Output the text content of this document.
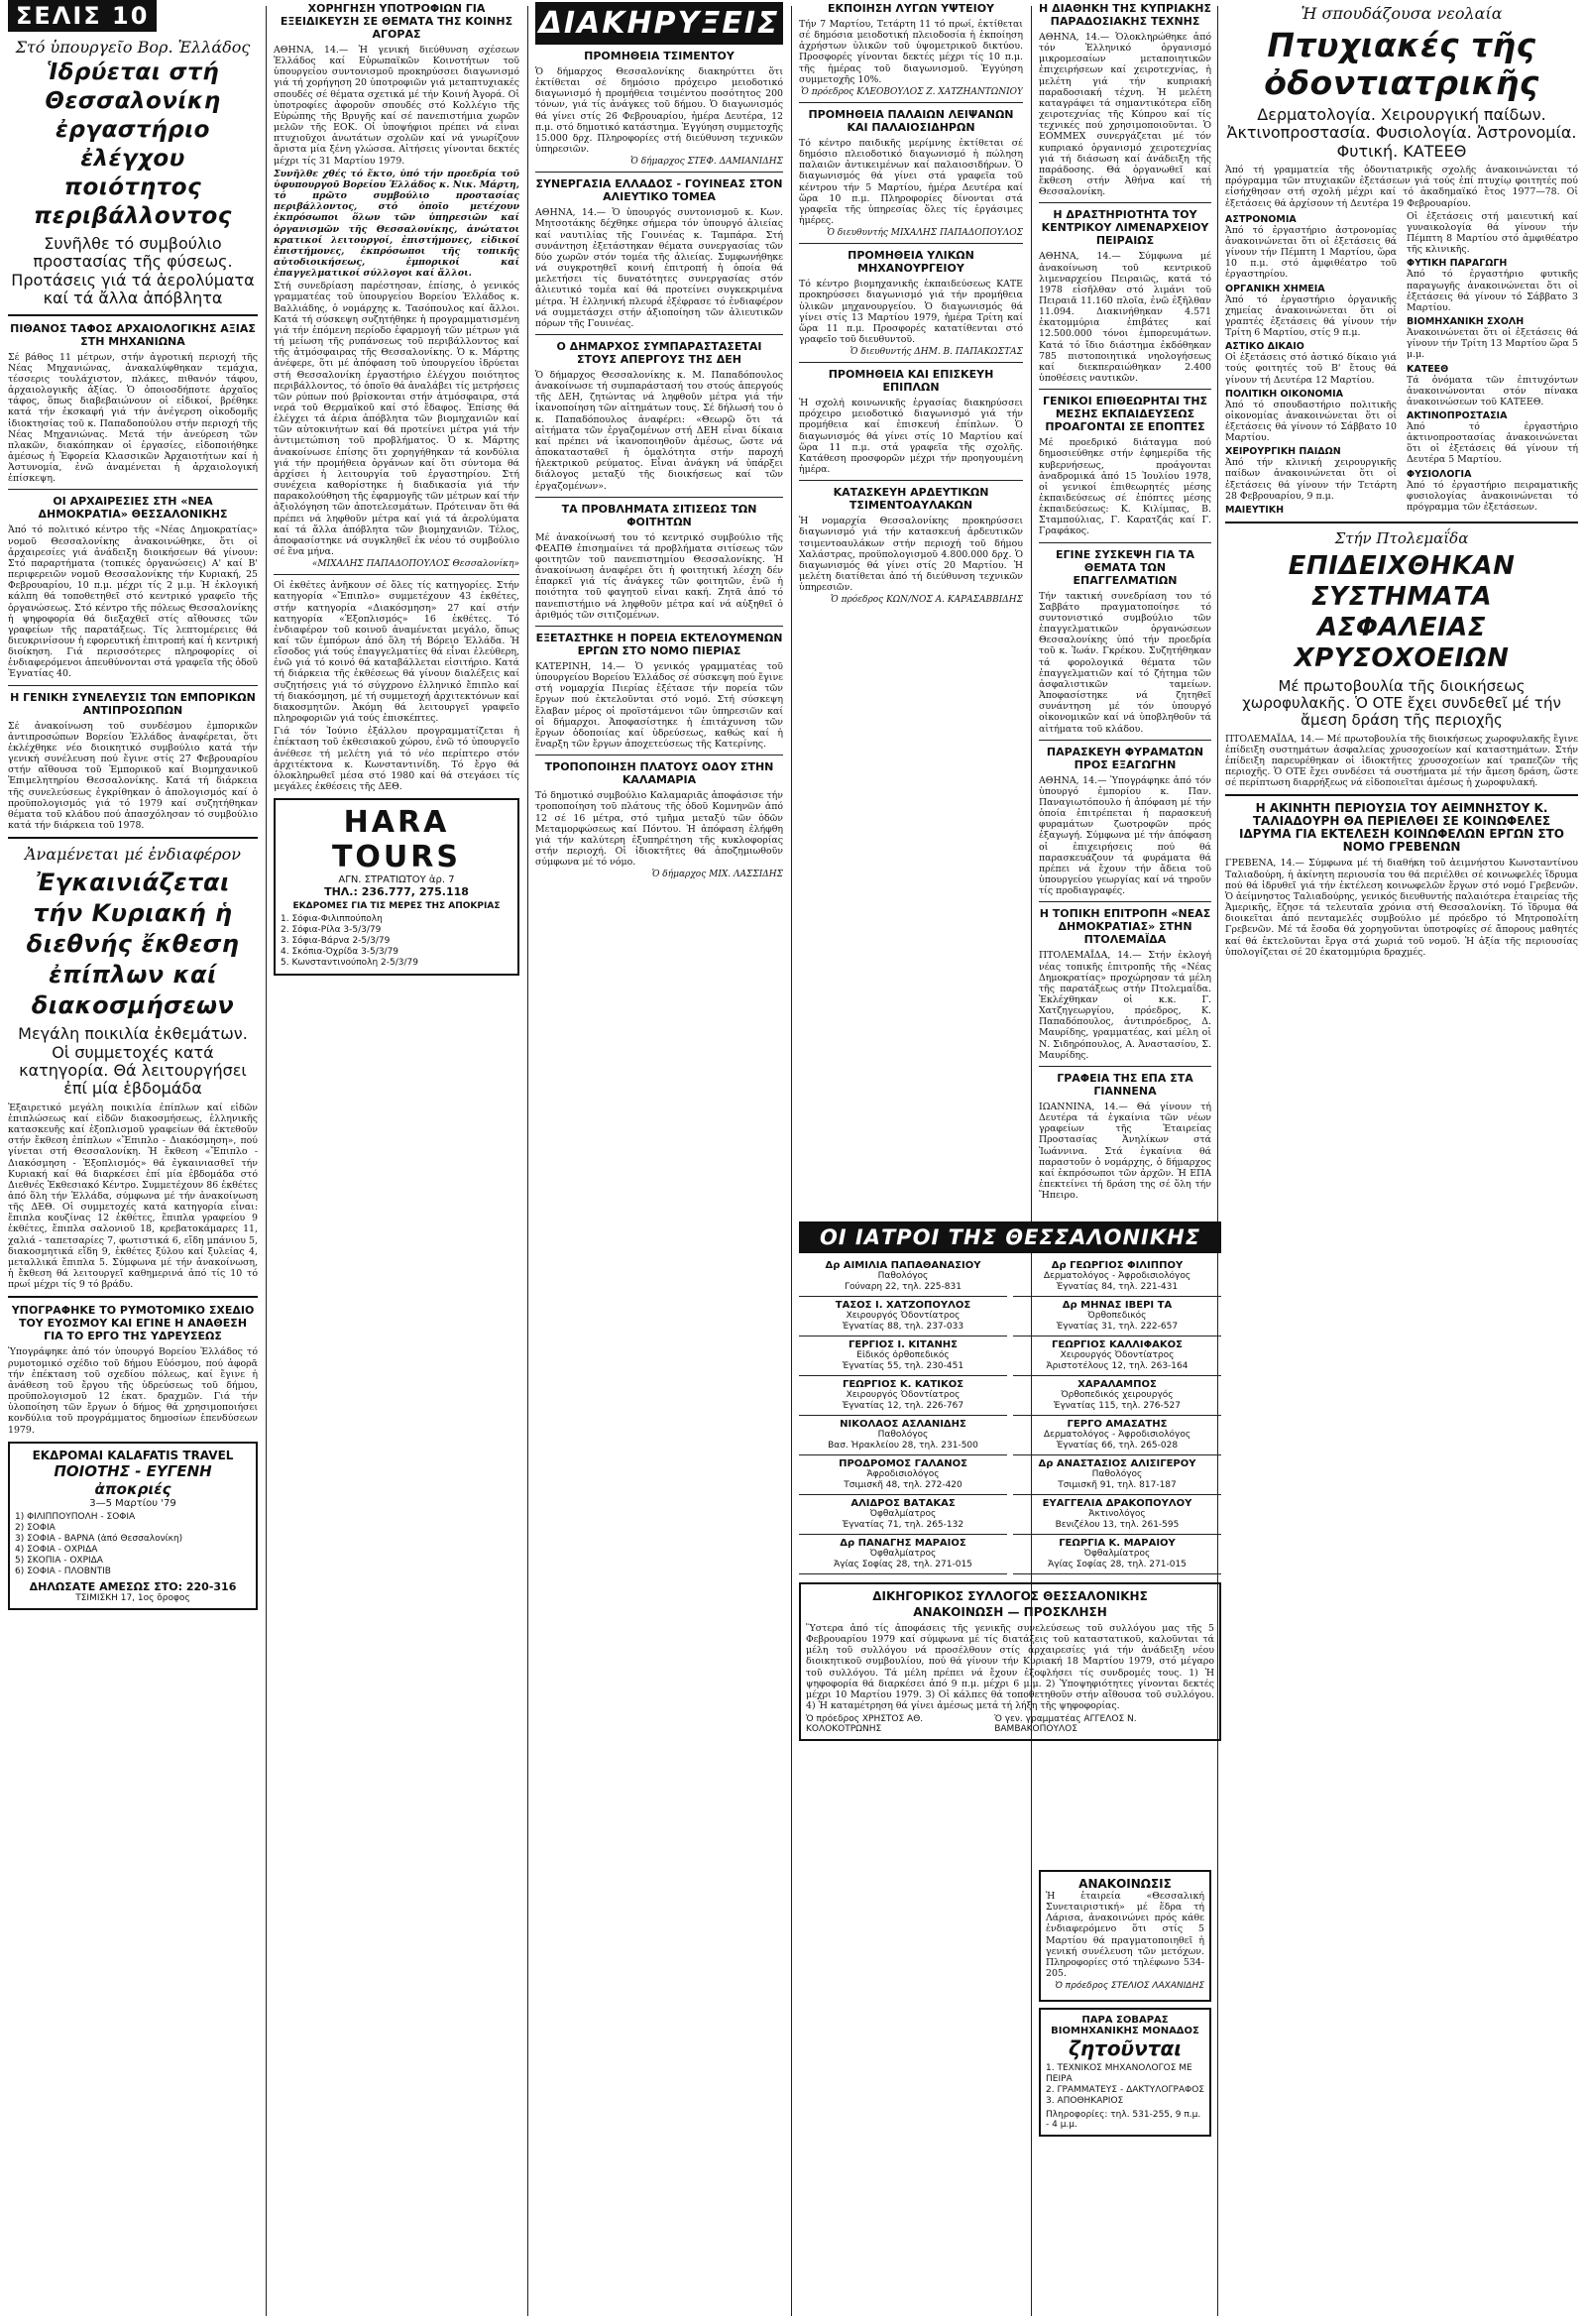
ΣΕΛΙΣ 10
Στό ὑπουργεῖο Βορ. Ἑλλάδος
Ἱδρύεται στή Θεσσαλονίκη ἐργαστήριο ἐλέγχου ποιότητος περιβάλλοντος
Συνῆλθε τό συμβούλιο προστασίας τῆς φύσεως. Προτάσεις γιά τά ἀερολύματα καί τά ἄλλα ἀπόβλητα
ΠΙΘΑΝΟΣ ΤΑΦΟΣ ΑΡΧΑΙΟΛΟΓΙΚΗΣ ΑΞΙΑΣ ΣΤΗ ΜΗΧΑΝΙΩΝΑ
Σέ βάθος 11 μέτρων, στήν ἀγροτική περιοχή τῆς Νέας Μηχανιώνας, ἀνακαλύφθηκαν τεμάχια, τέσσερις τουλάχιστον, πλάκες, πιθανόν τάφου, ἀρχαιολογικῆς ἀξίας. Ὁ ὁποιοσδήποτε ἀρχαῖος τάφος, ὅπως διαβεβαιώνουν οἱ εἰδικοί, βρέθηκε κατά τήν ἐκσκαφή γιά τήν ἀνέγερση οἰκοδομῆς ἰδιοκτησίας τοῦ κ. Παπαδοπούλου στήν περιοχή τῆς Νέας Μηχανιώνας. Μετά τήν ἀνεύρεση τῶν πλακῶν, διακόπηκαν οἱ ἐργασίες, εἰδοποιήθηκε ἀμέσως ἡ Ἐφορεία Κλασσικῶν Ἀρχαιοτήτων καί ἡ Ἀστυνομία, ἐνῶ ἀναμένεται ἡ ἀρχαιολογική ἐπίσκεψη.
ΟΙ ΑΡΧΑΙΡΕΣΙΕΣ ΣΤΗ «ΝΕΑ ΔΗΜΟΚΡΑΤΙΑ» ΘΕΣΣΑΛΟΝΙΚΗΣ
Ἀπό τό πολιτικό κέντρο τῆς «Νέας Δημοκρατίας» νομοῦ Θεσσαλονίκης ἀνακοινώθηκε, ὅτι οἱ ἀρχαιρεσίες γιά ἀνάδειξη διοικήσεων θά γίνουν: Στό παραρτήματα (τοπικές ὀργανώσεις) Α' καί Β' περιφερειῶν νομοῦ Θεσσαλονίκης τήν Κυριακή, 25 Φεβρουαρίου, 10 π.μ. μέχρι τίς 2 μ.μ. Ἡ ἐκλογική κάλπη θά τοποθετηθεῖ στό κεντρικό γραφεῖο τῆς ὀργανώσεως. Στό κέντρο τῆς πόλεως Θεσσαλονίκης ἡ ψηφοφορία θά διεξαχθεῖ στίς αἴθουσες τῶν γραφείων τῆς παρατάξεως. Τίς λεπτομέρειες θά διευκρινίσουν ἡ εφορευτική ἐπιτροπή καί ἡ κεντρική διοίκηση. Γιά περισσότερες πληροφορίες οἱ ἐνδιαφερόμενοι ἀπευθύνονται στά γραφεῖα τῆς ὀδοῦ Ἐγνατίας 40.
Η ΓΕΝΙΚΗ ΣΥΝΕΛΕΥΣΙΣ ΤΩΝ ΕΜΠΟΡΙΚΩΝ ΑΝΤΙΠΡΟΣΩΠΩΝ
Σέ ἀνακοίνωση τοῦ συνδέσμου ἐμπορικῶν ἀντιπροσώπων Βορείου Ἑλλάδος ἀναφέρεται, ὅτι ἐκλέχθηκε νέο διοικητικό συμβούλιο κατά τήν γενική συνέλευση πού ἔγινε στίς 27 Φεβρουαρίου στήν αἴθουσα τοῦ Ἐμπορικοῦ καί Βιομηχανικοῦ Ἐπιμελητηρίου Θεσσαλονίκης. Κατά τή διάρκεια τῆς συνελεύσεως ἐγκρίθηκαν ὁ ἀπολογισμός καί ὁ προϋπολογισμός γιά τό 1979 καί συζητήθηκαν θέματα τοῦ κλάδου πού ἀπασχόλησαν τό συμβούλιο κατά τήν διάρκεια τοῦ 1978.
Ἀναμένεται μέ ἐνδιαφέρον
Ἐγκαινιάζεται τήν Κυριακή ἡ διεθνής ἔκθεση ἐπίπλων καί διακοσμήσεων
Μεγάλη ποικιλία ἐκθεμάτων. Οἱ συμμετοχές κατά κατηγορία. Θά λειτουργήσει ἐπί μία ἑβδομάδα
Ἐξαιρετικό μεγάλη ποικιλία ἐπίπλων καί εἰδῶν ἐπιπλώσεως καί εἰδῶν διακοσμήσεως, ἑλληνικῆς κατασκευῆς καί ἐξοπλισμοῦ γραφείων θά ἐκτεθοῦν στήν ἔκθεση ἐπίπλων «Ἔπιπλο - Διακόσμηση», πού γίνεται στή Θεσσαλονίκη. Ἡ ἔκθεση «Ἔπιπλο - Διακόσμηση - Ἐξοπλισμός» θά ἐγκαινιασθεῖ τήν Κυριακή καί θά διαρκέσει ἐπί μία ἑβδομάδα στό Διεθνές Ἐκθεσιακό Κέντρο. Συμμετέχουν 86 ἐκθέτες ἀπό ὅλη τήν Ἑλλάδα, σύμφωνα μέ τήν ἀνακοίνωση τῆς ΔΕΘ. Οἱ συμμετοχές κατά κατηγορία εἶναι: ἔπιπλα κουζίνας 12 ἐκθέτες, ἔπιπλα γραφείου 9 ἐκθέτες, ἔπιπλα σαλονιοῦ 18, κρεβατοκάμαρες 11, χαλιά - ταπετσαρίες 7, φωτιστικά 6, εἴδη μπάνιου 5, διακοσμητικά εἴδη 9, ἐκθέτες ξύλου καί ξυλείας 4, μεταλλικά ἔπιπλα 5. Σύμφωνα μέ τήν ἀνακοίνωση, ἡ ἔκθεση θά λειτουργεῖ καθημερινά ἀπό τίς 10 τό πρωί μέχρι τίς 9 τό βράδυ.
ΥΠΟΓΡΑΦΗΚΕ ΤΟ ΡΥΜΟΤΟΜΙΚΟ ΣΧΕΔΙΟ ΤΟΥ ΕΥΟΣΜΟΥ ΚΑΙ ΕΓΙΝΕ Η ΑΝΑΘΕΣΗ ΓΙΑ ΤΟ ΕΡΓΟ ΤΗΣ ΥΔΡΕΥΣΕΩΣ
Ὑπογράφηκε ἀπό τόν ὑπουργό Βορείου Ἑλλάδος τό ρυμοτομικό σχέδιο τοῦ δήμου Εὐόσμου, πού ἀφορᾶ τήν ἐπέκταση τοῦ σχεδίου πόλεως, καί ἔγινε ἡ ἀνάθεση τοῦ ἔργου τῆς ὑδρεύσεως τοῦ δήμου, προϋπολογισμοῦ 12 ἑκατ. δραχμῶν. Γιά τήν ὑλοποίηση τῶν ἔργων ὁ δήμος θά χρησιμοποιήσει κονδύλια τοῦ προγράμματος δημοσίων ἐπενδύσεων 1979.
ΕΚΔΡΟΜΑΙ KALAFATIS TRAVEL
ΠΟΙΟΤΗΣ - ΕΥΓΕΝΗ ἀποκριές
3—5 Μαρτίου '79
1) ΦΙΛΙΠΠΟΥΠΟΛΗ - ΣΟΦΙΑ
2) ΣΟΦΙΑ
3) ΣΟΦΙΑ - ΒΑΡΝΑ (ἀπό Θεσσαλονίκη)
4) ΣΟΦΙΑ - ΟΧΡΙΔΑ
5) ΣΚΟΠΙΑ - ΟΧΡΙΔΑ
6) ΣΟΦΙΑ - ΠΛΟΒΝΤΙΒ
ΔΗΛΩΣΑΤΕ ΑΜΕΣΩΣ ΣΤΟ: 220-316
ΤΣΙΜΙΣΚΗ 17, 1ος ὄροφος
ΧΟΡΗΓΗΣΗ ΥΠΟΤΡΟΦΙΩΝ ΓΙΑ ΕΞΕΙΔΙΚΕΥΣΗ ΣΕ ΘΕΜΑΤΑ ΤΗΣ ΚΟΙΝΗΣ ΑΓΟΡΑΣ
ΑΘΗΝΑ, 14.— Ἡ γενική διεύθυνση σχέσεων Ἑλλάδος καί Εὐρωπαϊκῶν Κοινοτήτων τοῦ ὑπουργείου συντονισμοῦ προκηρύσσει διαγωνισμό γιά τή χορήγηση 20 ὑποτροφιῶν γιά μεταπτυχιακές σπουδές σέ θέματα σχετικά μέ τήν Κοινή Ἀγορά. Οἱ ὑποτροφίες ἀφοροῦν σπουδές στό Κολλέγιο τῆς Εὐρώπης τῆς Βρυγῆς καί σέ πανεπιστήμια χωρῶν μελῶν τῆς ΕΟΚ. Οἱ ὑποψήφιοι πρέπει νά εἶναι πτυχιοῦχοι ἀνωτάτων σχολῶν καί νά γνωρίζουν ἄριστα μία ξένη γλώσσα. Αἰτήσεις γίνονται δεκτές μέχρι τίς 31 Μαρτίου 1979.
Συνῆλθε χθές τό ἔκτο, ὑπό τήν προεδρία τοῦ ὑφυπουργοῦ Βορείου Ἑλλάδος κ. Νικ. Μάρτη, τό πρῶτο συμβούλιο προστασίας περιβάλλοντος, στό ὁποῖο μετέχουν ἐκπρόσωποι ὅλων τῶν ὑπηρεσιῶν καί ὀργανισμῶν τῆς Θεσσαλονίκης, ἀνώτατοι κρατικοί λειτουργοί, ἐπιστήμονες, εἰδικοί ἐπιστήμονες, ἐκπρόσωποι τῆς τοπικῆς αὐτοδιοικήσεως, ἐμπορικοί καί ἐπαγγελματικοί σύλλογοι καί ἄλλοι.
Στή συνεδρίαση παρέστησαν, ἐπίσης, ὁ γενικός γραμματέας τοῦ ὑπουργείου Βορείου Ἑλλάδος κ. Βαλλιάδης, ὁ νομάρχης κ. Τασόπουλος καί ἄλλοι. Κατά τή σύσκεψη συζητήθηκε ἡ προγραμματισμένη γιά τήν ἐπόμενη περίοδο ἐφαρμογή τῶν μέτρων γιά τή μείωση τῆς ρυπάνσεως τοῦ περιβάλλοντος καί τῆς ἀτμόσφαιρας τῆς Θεσσαλονίκης. Ὁ κ. Μάρτης ἀνέφερε, ὅτι μέ ἀπόφαση τοῦ ὑπουργείου ἱδρύεται στή Θεσσαλονίκη ἐργαστήριο ἐλέγχου ποιότητος περιβάλλοντος, τό ὁποῖο θά ἀναλάβει τίς μετρήσεις τῶν ρύπων πού βρίσκονται στήν ἀτμόσφαιρα, στά νερά τοῦ Θερμαϊκοῦ καί στό ἔδαφος. Ἐπίσης θά ἐλέγχει τά ἀέρια ἀπόβλητα τῶν βιομηχανιῶν καί τῶν αὐτοκινήτων καί θά προτείνει μέτρα γιά τήν ἀντιμετώπιση τοῦ προβλήματος. Ὁ κ. Μάρτης ἀνακοίνωσε ἐπίσης ὅτι χορηγήθηκαν τά κονδύλια γιά τήν προμήθεια ὀργάνων καί ὅτι σύντομα θά ἀρχίσει ἡ λειτουργία τοῦ ἐργαστηρίου. Στή συνέχεια καθορίστηκε ἡ διαδικασία γιά τήν παρακολούθηση τῆς ἐφαρμογῆς τῶν μέτρων καί τήν ἀξιολόγηση τῶν ἀποτελεσμάτων. Πρότειναν ὅτι θά πρέπει νά ληφθοῦν μέτρα καί γιά τά ἀερολύματα καί τά ἄλλα ἀπόβλητα τῶν βιομηχανιῶν. Τέλος, ἀποφασίστηκε νά συγκληθεῖ ἐκ νέου τό συμβούλιο σέ ἕνα μήνα.
«ΜΙΧΑΛΗΣ ΠΑΠΑΔΟΠΟΥΛΟΣ Θεσσαλονίκη»
Οἱ ἐκθέτες ἀνῆκουν σέ ὅλες τίς κατηγορίες. Στήν κατηγορία «Ἔπιπλο» συμμετέχουν 43 ἐκθέτες, στήν κατηγορία «Διακόσμηση» 27 καί στήν κατηγορία «Ἐξοπλισμός» 16 ἐκθέτες. Τό ἐνδιαφέρον τοῦ κοινοῦ ἀναμένεται μεγάλο, ὅπως καί τῶν ἐμπόρων ἀπό ὅλη τή Βόρειο Ἑλλάδα. Ἡ εἴσοδος γιά τούς ἐπαγγελματίες θά εἶναι ἐλεύθερη, ἐνῶ γιά τό κοινό θά καταβάλλεται εἰσιτήριο. Κατά τή διάρκεια τῆς ἐκθέσεως θά γίνουν διαλέξεις καί συζητήσεις γιά τό σύγχρονο ἑλληνικό ἔπιπλο καί τή διακόσμηση, μέ τή συμμετοχή ἀρχιτεκτόνων καί διακοσμητῶν. Ἀκόμη θά λειτουργεῖ γραφεῖο πληροφοριῶν γιά τούς ἐπισκέπτες.
Γιά τόν Ἰούνιο ἐξάλλου προγραμματίζεται ἡ ἐπέκταση τοῦ ἐκθεσιακοῦ χώρου, ἐνῶ τό ὑπουργεῖο ἀνέθεσε τή μελέτη γιά τό νέο περίπτερο στόν ἀρχιτέκτονα κ. Κωνσταντινίδη. Τό ἔργο θά ὁλοκληρωθεῖ μέσα στό 1980 καί θά στεγάσει τίς μεγάλες ἐκθέσεις τῆς ΔΕΘ.
HARA TOURS
ΑΓΝ. ΣΤΡΑΤΙΩΤΟΥ ἀρ. 7
ΤΗΛ.: 236.777, 275.118
ΕΚΔΡΟΜΕΣ ΓΙΑ ΤΙΣ ΜΕΡΕΣ ΤΗΣ ΑΠΟΚΡΙΑΣ
1. Σόφια-Φιλιππούπολη
2. Σόφια-Ρίλα 3-5/3/79
3. Σόφια-Βάρνα 2-5/3/79
4. Σκόπια-Ὀχρίδα 3-5/3/79
5. Κωνσταντινούπολη 2-5/3/79
ΔΙΑΚΗΡΥΞΕΙΣ
ΠΡΟΜΗΘΕΙΑ ΤΣΙΜΕΝΤΟΥ
Ὁ δήμαρχος Θεσσαλονίκης διακηρύττει ὅτι ἐκτίθεται σέ δημόσιο πρόχειρο μειοδοτικό διαγωνισμό ἡ προμήθεια τσιμέντου ποσότητος 200 τόνων, γιά τίς ἀνάγκες τοῦ δήμου. Ὁ διαγωνισμός θά γίνει στίς 26 Φεβρουαρίου, ἡμέρα Δευτέρα, 12 π.μ. στό δημοτικό κατάστημα. Ἐγγύηση συμμετοχῆς 15.000 δρχ. Πληροφορίες στή διεύθυνση τεχνικῶν ὑπηρεσιῶν.
Ὁ δήμαρχος ΣΤΕΦ. ΔΑΜΙΑΝΙΔΗΣ
ΣΥΝΕΡΓΑΣΙΑ ΕΛΛΑΔΟΣ - ΓΟΥΙΝΕΑΣ ΣΤΟΝ ΑΛΙΕΥΤΙΚΟ ΤΟΜΕΑ
ΑΘΗΝΑ, 14.— Ὁ ὑπουργός συντονισμοῦ κ. Κων. Μητσοτάκης δέχθηκε σήμερα τόν ὑπουργό ἀλιείας καί ναυτιλίας τῆς Γουινέας κ. Ταμπάρα. Στή συνάντηση ἐξετάστηκαν θέματα συνεργασίας τῶν δύο χωρῶν στόν τομέα τῆς ἀλιείας. Συμφωνήθηκε νά συγκροτηθεῖ κοινή ἐπιτροπή ἡ ὁποία θά μελετήσει τίς δυνατότητες συνεργασίας στόν ἀλιευτικό τομέα καί θά προτείνει συγκεκριμένα μέτρα. Ἡ ἑλληνική πλευρά ἐξέφρασε τό ἐνδιαφέρον νά συμμετάσχει στήν ἀξιοποίηση τῶν ἀλιευτικῶν πόρων τῆς Γουινέας.
Ο ΔΗΜΑΡΧΟΣ ΣΥΜΠΑΡΑΣΤΑΣΕΤΑΙ ΣΤΟΥΣ ΑΠΕΡΓΟΥΣ ΤΗΣ ΔΕΗ
Ὁ δήμαρχος Θεσσαλονίκης κ. Μ. Παπαδόπουλος ἀνακοίνωσε τή συμπαράστασή του στούς ἀπεργούς τῆς ΔΕΗ, ζητώντας νά ληφθοῦν μέτρα γιά τήν ἱκανοποίηση τῶν αἰτημάτων τους. Σέ δήλωσή του ὁ κ. Παπαδόπουλος ἀναφέρει: «Θεωρῶ ὅτι τά αἰτήματα τῶν ἐργαζομένων στή ΔΕΗ εἶναι δίκαια καί πρέπει νά ἱκανοποιηθοῦν ἀμέσως, ὥστε νά ἀποκατασταθεῖ ἡ ὁμαλότητα στήν παροχή ἠλεκτρικοῦ ρεύματος. Εἶναι ἀνάγκη νά ὑπάρξει διάλογος μεταξύ τῆς διοικήσεως καί τῶν ἐργαζομένων».
ΤΑ ΠΡΟΒΛΗΜΑΤΑ ΣΙΤΙΣΕΩΣ ΤΩΝ ΦΟΙΤΗΤΩΝ
Μέ ἀνακοίνωσή του τό κεντρικό συμβούλιο τῆς ΦΕΑΠΘ ἐπισημαίνει τά προβλήματα σιτίσεως τῶν φοιτητῶν τοῦ πανεπιστημίου Θεσσαλονίκης. Ἡ ἀνακοίνωση ἀναφέρει ὅτι ἡ φοιτητική λέσχη δέν ἐπαρκεῖ γιά τίς ἀνάγκες τῶν φοιτητῶν, ἐνῶ ἡ ποιότητα τοῦ φαγητοῦ εἶναι κακή. Ζητᾶ ἀπό τό πανεπιστήμιο νά ληφθοῦν μέτρα καί νά αὐξηθεῖ ὁ ἀριθμός τῶν σιτιζομένων.
ΕΞΕΤΑΣΤΗΚΕ Η ΠΟΡΕΙΑ ΕΚΤΕΛΟΥΜΕΝΩΝ ΕΡΓΩΝ ΣΤΟ ΝΟΜΟ ΠΙΕΡΙΑΣ
ΚΑΤΕΡΙΝΗ, 14.— Ὁ γενικός γραμματέας τοῦ ὑπουργείου Βορείου Ἑλλάδος σέ σύσκεψη πού ἔγινε στή νομαρχία Πιερίας ἐξέτασε τήν πορεία τῶν ἔργων πού ἐκτελοῦνται στό νομό. Στή σύσκεψη ἔλαβαν μέρος οἱ προϊστάμενοι τῶν ὑπηρεσιῶν καί οἱ δήμαρχοι. Ἀποφασίστηκε ἡ ἐπιτάχυνση τῶν ἔργων ὁδοποιίας καί ὑδρεύσεως, καθώς καί ἡ ἔναρξη τῶν ἔργων ἀποχετεύσεως τῆς Κατερίνης.
ΤΡΟΠΟΠΟΙΗΣΗ ΠΛΑΤΟΥΣ ΟΔΟΥ ΣΤΗΝ ΚΑΛΑΜΑΡΙΑ
Τό δημοτικό συμβούλιο Καλαμαριᾶς ἀποφάσισε τήν τροποποίηση τοῦ πλάτους τῆς ὁδοῦ Κομνηνῶν ἀπό 12 σέ 16 μέτρα, στό τμῆμα μεταξύ τῶν ὁδῶν Μεταμορφώσεως καί Πόντου. Ἡ ἀπόφαση ἐλήφθη γιά τήν καλύτερη ἐξυπηρέτηση τῆς κυκλοφορίας στήν περιοχή. Οἱ ἰδιοκτῆτες θά ἀποζημιωθοῦν σύμφωνα μέ τό νόμο.
Ὁ δήμαρχος ΜΙΧ. ΛΑΣΣΙΔΗΣ
ΕΚΠΟΙΗΣΗ ΛΥΓΩΝ ΥΨΤΕΙΟΥ
Τήν 7 Μαρτίου, Τετάρτη 11 τό πρωί, ἐκτίθεται σέ δημόσια μειοδοτική πλειοδοσία ἡ ἐκποίηση ἀχρήστων ὑλικῶν τοῦ ὑψομετρικοῦ δικτύου. Προσφορές γίνονται δεκτές μέχρι τίς 10 π.μ. τῆς ἡμέρας τοῦ διαγωνισμοῦ. Ἐγγύηση συμμετοχῆς 10%.
Ὁ πρόεδρος ΚΛΕΟΒΟΥΛΟΣ Ζ. ΧΑΤΖΗΑΝΤΩΝΙΟΥ
ΠΡΟΜΗΘΕΙΑ ΠΑΛΑΙΩΝ ΛΕΙΨΑΝΩΝ ΚΑΙ ΠΑΛΑΙΟΣΙΔΗΡΩΝ
Τό κέντρο παιδικῆς μερίμνης ἐκτίθεται σέ δημόσιο πλειοδοτικό διαγωνισμό ἡ πώληση παλαιῶν ἀντικειμένων καί παλαιοσιδήρων. Ὁ διαγωνισμός θά γίνει στά γραφεῖα τοῦ κέντρου τήν 5 Μαρτίου, ἡμέρα Δευτέρα καί ὥρα 10 π.μ. Πληροφορίες δίνονται στά γραφεῖα τῆς ὑπηρεσίας ὅλες τίς ἐργάσιμες ἡμέρες.
Ὁ διευθυντής ΜΙΧΑΛΗΣ ΠΑΠΑΔΟΠΟΥΛΟΣ
ΠΡΟΜΗΘΕΙΑ ΥΛΙΚΩΝ ΜΗΧΑΝΟΥΡΓΕΙΟΥ
Τό κέντρο βιομηχανικῆς ἐκπαιδεύσεως ΚΑΤΕ προκηρύσσει διαγωνισμό γιά τήν προμήθεια ὑλικῶν μηχανουργείου. Ὁ διαγωνισμός θά γίνει στίς 13 Μαρτίου 1979, ἡμέρα Τρίτη καί ὥρα 11 π.μ. Προσφορές κατατίθενται στό γραφεῖο τοῦ διευθυντοῦ.
Ὁ διευθυντής ΔΗΜ. Β. ΠΑΠΑΚΩΣΤΑΣ
ΠΡΟΜΗΘΕΙΑ ΚΑΙ ΕΠΙΣΚΕΥΗ ΕΠΙΠΛΩΝ
Ἡ σχολή κοινωνικῆς ἐργασίας διακηρύσσει πρόχειρο μειοδοτικό διαγωνισμό γιά τήν προμήθεια καί ἐπισκευή ἐπίπλων. Ὁ διαγωνισμός θά γίνει στίς 10 Μαρτίου καί ὥρα 11 π.μ. στά γραφεῖα τῆς σχολῆς. Κατάθεση προσφορῶν μέχρι τήν προηγουμένη ἡμέρα.
ΚΑΤΑΣΚΕΥΗ ΑΡΔΕΥΤΙΚΩΝ ΤΣΙΜΕΝΤΟΑΥΛΑΚΩΝ
Ἡ νομαρχία Θεσσαλονίκης προκηρύσσει διαγωνισμό γιά τήν κατασκευή ἀρδευτικῶν τσιμεντοαυλάκων στήν περιοχή τοῦ δήμου Χαλάστρας, προϋπολογισμοῦ 4.800.000 δρχ. Ὁ διαγωνισμός θά γίνει στίς 20 Μαρτίου. Ἡ μελέτη διατίθεται ἀπό τή διεύθυνση τεχνικῶν ὑπηρεσιῶν.
Ὁ πρόεδρος ΚΩΝ/ΝΟΣ Α. ΚΑΡΑΣΑΒΒΙΔΗΣ
ΟΙ ΙΑΤΡΟΙ ΤΗΣ ΘΕΣΣΑΛΟΝΙΚΗΣ
Δρ ΑΙΜΙΛΙΑ ΠΑΠΑΘΑΝΑΣΙΟΥ
Παθολόγος
Γούναρη 22, τηλ. 225-831
ΤΑΣΟΣ Ι. ΧΑΤΖΟΠΟΥΛΟΣ
Χειρουργός Ὀδοντίατρος
Ἐγνατίας 88, τηλ. 237-033
ΓΕΡΓΙΟΣ Ι. ΚΙΤΑΝΗΣ
Εἰδικός ὀρθοπεδικός
Ἐγνατίας 55, τηλ. 230-451
ΓΕΩΡΓΙΟΣ Κ. ΚΑΤΙΚΟΣ
Χειρουργός Ὀδοντίατρος
Ἐγνατίας 12, τηλ. 226-767
ΝΙΚΟΛΑΟΣ ΑΣΛΑΝΙΔΗΣ
Παθολόγος
Βασ. Ἡρακλείου 28, τηλ. 231-500
ΠΡΟΔΡΟΜΟΣ ΓΑΛΑΝΟΣ
Ἀφροδισιολόγος
Τσιμισκῆ 48, τηλ. 272-420
ΑΛΙΔΡΟΣ ΒΑΤΑΚΑΣ
Ὀφθαλμίατρος
Ἐγνατίας 71, τηλ. 265-132
Δρ ΠΑΝΑΓΗΣ ΜΑΡΑΙΟΣ
Ὀφθαλμίατρος
Ἁγίας Σοφίας 28, τηλ. 271-015
Δρ ΓΕΩΡΓΙΟΣ ΦΙΛΙΠΠΟΥ
Δερματολόγος - Ἀφροδισιολόγος
Ἐγνατίας 84, τηλ. 221-431
Δρ ΜΗΝΑΣ ΙΒΕΡΙ ΤΑ
Ὀρθοπεδικός
Ἐγνατίας 31, τηλ. 222-657
ΓΕΩΡΓΙΟΣ ΚΑΛΛΙΦΑΚΟΣ
Χειρουργός Ὀδοντίατρος
Ἀριστοτέλους 12, τηλ. 263-164
ΧΑΡΑΛΑΜΠΟΣ
Ὀρθοπεδικός χειρουργός
Ἐγνατίας 115, τηλ. 276-527
ΓΕΡΓΟ ΑΜΑΣΑΤΗΣ
Δερματολόγος - Ἀφροδισιολόγος
Ἐγνατίας 66, τηλ. 265-028
Δρ ΑΝΑΣΤΑΣΙΟΣ ΑΛΙΣΙΓΕΡΟΥ
Παθολόγος
Τσιμισκῆ 91, τηλ. 817-187
ΕΥΑΓΓΕΛΙΑ ΔΡΑΚΟΠΟΥΛΟΥ
Ἀκτινολόγος
Βενιζέλου 13, τηλ. 261-595
ΓΕΩΡΓΙΑ Κ. ΜΑΡΑΙΟΥ
Ὀφθαλμίατρος
Ἁγίας Σοφίας 28, τηλ. 271-015
ΔΙΚΗΓΟΡΙΚΟΣ ΣΥΛΛΟΓΟΣ ΘΕΣΣΑΛΟΝΙΚΗΣ
ΑΝΑΚΟΙΝΩΣΗ — ΠΡΟΣΚΛΗΣΗ
Ὕστερα ἀπό τίς ἀποφάσεις τῆς γενικῆς συνελεύσεως τοῦ συλλόγου μας τῆς 5 Φεβρουαρίου 1979 καί σύμφωνα μέ τίς διατάξεις τοῦ καταστατικοῦ, καλοῦνται τά μέλη τοῦ συλλόγου νά προσέλθουν στίς ἀρχαιρεσίες γιά τήν ἀνάδειξη νέου διοικητικοῦ συμβουλίου, πού θά γίνουν τήν Κυριακή 18 Μαρτίου 1979, στό μέγαρο τοῦ συλλόγου. Τά μέλη πρέπει νά ἔχουν ἐξοφλήσει τίς συνδρομές τους. 1) Ἡ ψηφοφορία θά διαρκέσει ἀπό 9 π.μ. μέχρι 6 μ.μ. 2) Ὑποψηφιότητες γίνονται δεκτές μέχρι 10 Μαρτίου 1979. 3) Οἱ κάλπες θά τοποθετηθοῦν στήν αἴθουσα τοῦ συλλόγου. 4) Ἡ καταμέτρηση θά γίνει ἀμέσως μετά τή λήξη τῆς ψηφοφορίας.
Ὁ πρόεδρος ΧΡΗΣΤΟΣ ΑΘ. ΚΟΛΟΚΟΤΡΩΝΗΣ
Ὁ γεν. γραμματέας ΑΓΓΕΛΟΣ Ν. ΒΑΜΒΑΚΟΠΟΥΛΟΣ
Η ΔΙΑΘΗΚΗ ΤΗΣ ΚΥΠΡΙΑΚΗΣ ΠΑΡΑΔΟΣΙΑΚΗΣ ΤΕΧΝΗΣ
ΑΘΗΝΑ, 14.— Ὁλοκληρώθηκε ἀπό τόν Ἑλληνικό ὀργανισμό μικρομεσαίων μεταποιητικῶν ἐπιχειρήσεων καί χειροτεχνίας, ἡ μελέτη γιά τήν κυπριακή παραδοσιακή τέχνη. Ἡ μελέτη καταγράφει τά σημαντικότερα εἴδη χειροτεχνίας τῆς Κύπρου καί τίς τεχνικές πού χρησιμοποιοῦνται. Ὁ ΕΟΜΜΕΧ συνεργάζεται μέ τόν κυπριακό ὀργανισμό χειροτεχνίας γιά τή διάσωση καί ἀνάδειξη τῆς παράδοσης. Θά ὀργανωθεῖ καί ἔκθεση στήν Ἀθήνα καί τή Θεσσαλονίκη.
Η ΔΡΑΣΤΗΡΙΟΤΗΤΑ ΤΟΥ ΚΕΝΤΡΙΚΟΥ ΛΙΜΕΝΑΡΧΕΙΟΥ ΠΕΙΡΑΙΩΣ
ΑΘΗΝΑ, 14.— Σύμφωνα μέ ἀνακοίνωση τοῦ κεντρικοῦ λιμεναρχείου Πειραιῶς, κατά τό 1978 εἰσῆλθαν στό λιμάνι τοῦ Πειραιᾶ 11.160 πλοῖα, ἐνῶ ἐξῆλθαν 11.094. Διακινήθηκαν 4.571 ἑκατομμύρια ἐπιβάτες καί 12.500.000 τόνοι ἐμπορευμάτων. Κατά τό ἴδιο διάστημα ἐκδόθηκαν 785 πιστοποιητικά νηολογήσεως καί διεκπεραιώθηκαν 2.400 ὑποθέσεις ναυτικῶν.
ΓΕΝΙΚΟΙ ΕΠΙΘΕΩΡΗΤΑΙ ΤΗΣ ΜΕΣΗΣ ΕΚΠΑΙΔΕΥΣΕΩΣ ΠΡΟΑΓΟΝΤΑΙ ΣΕ ΕΠΟΠΤΕΣ
Μέ προεδρικό διάταγμα πού δημοσιεύθηκε στήν ἐφημερίδα τῆς κυβερνήσεως, προάγονται ἀναδρομικά ἀπό 15 Ἰουλίου 1978, οἱ γενικοί ἐπιθεωρητές μέσης ἐκπαιδεύσεως σέ ἐπόπτες μέσης ἐκπαιδεύσεως: Κ. Κιλίμπας, Β. Σταμπούλιας, Γ. Καρατζάς καί Γ. Γραφάκος.
ΕΓΙΝΕ ΣΥΣΚΕΨΗ ΓΙΑ ΤΑ ΘΕΜΑΤΑ ΤΩΝ ΕΠΑΓΓΕΛΜΑΤΙΩΝ
Τήν τακτική συνεδρίαση του τό Σαββάτο πραγματοποίησε τό συντονιστικό συμβούλιο τῶν ἐπαγγελματικῶν ὀργανώσεων Θεσσαλονίκης ὑπό τήν προεδρία τοῦ κ. Ἰωάν. Γκρέκου. Συζητήθηκαν τά φορολογικά θέματα τῶν ἐπαγγελματιῶν καί τό ζήτημα τῶν ἀσφαλιστικῶν ταμείων. Ἀποφασίστηκε νά ζητηθεῖ συνάντηση μέ τόν ὑπουργό οἰκονομικῶν καί νά ὑποβληθοῦν τά αἰτήματα τοῦ κλάδου.
ΠΑΡΑΣΚΕΥΗ ΦΥΡΑΜΑΤΩΝ ΠΡΟΣ ΕΞΑΓΩΓΗΝ
ΑΘΗΝΑ, 14.— Ὑπογράφηκε ἀπό τόν ὑπουργό ἐμπορίου κ. Παν. Παναγιωτόπουλο ἡ ἀπόφαση μέ τήν ὁποία ἐπιτρέπεται ἡ παρασκευή φυραμάτων ζωοτροφῶν πρός ἐξαγωγή. Σύμφωνα μέ τήν ἀπόφαση οἱ ἐπιχειρήσεις πού θά παρασκευάζουν τά φυράματα θά πρέπει νά ἔχουν τήν ἄδεια τοῦ ὑπουργείου γεωργίας καί νά τηροῦν τίς προδιαγραφές.
Η ΤΟΠΙΚΗ ΕΠΙΤΡΟΠΗ «ΝΕΑΣ ΔΗΜΟΚΡΑΤΙΑΣ» ΣΤΗΝ ΠΤΟΛΕΜΑΪΔΑ
ΠΤΟΛΕΜΑΪΔΑ, 14.— Στήν ἐκλογή νέας τοπικῆς ἐπιτροπῆς τῆς «Νέας Δημοκρατίας» προχώρησαν τά μέλη τῆς παρατάξεως στήν Πτολεμαΐδα. Ἐκλέχθηκαν οἱ κ.κ. Γ. Χατζηγεωργίου, πρόεδρος, Κ. Παπαδόπουλος, ἀντιπρόεδρος, Δ. Μαυρίδης, γραμματέας, καί μέλη οἱ Ν. Σιδηρόπουλος, Α. Ἀναστασίου, Σ. Μαυρίδης.
ΓΡΑΦΕΙΑ ΤΗΣ ΕΠΑ ΣΤΑ ΓΙΑΝΝΕΝΑ
ΙΩΑΝΝΙΝΑ, 14.— Θά γίνουν τή Δευτέρα τά ἐγκαίνια τῶν νέων γραφείων τῆς Ἑταιρείας Προστασίας Ἀνηλίκων στά Ἰωάννινα. Στά ἐγκαίνια θά παραστοῦν ὁ νομάρχης, ὁ δήμαρχος καί ἐκπρόσωποι τῶν ἀρχῶν. Ἡ ΕΠΑ ἐπεκτείνει τή δράση της σέ ὅλη τήν Ἤπειρο.
ΑΝΑΚΟΙΝΩΣΙΣ
Ἡ ἑταιρεία «Θεσσαλική Συνεταιριστική» μέ ἕδρα τή Λάρισα, ἀνακοινώνει πρός κάθε ἐνδιαφερόμενο ὅτι στίς 5 Μαρτίου θά πραγματοποιηθεῖ ἡ γενική συνέλευση τῶν μετόχων. Πληροφορίες στό τηλέφωνο 534-205.
Ὁ πρόεδρος ΣΤΕΛΙΟΣ ΛΑΧΑΝΙΔΗΣ
ΠΑΡΑ ΣΟΒΑΡΑΣ ΒΙΟΜΗΧΑΝΙΚΗΣ ΜΟΝΑΔΟΣ
ζητοῦνται
1. ΤΕΧΝΙΚΟΣ ΜΗΧΑΝΟΛΟΓΟΣ ΜΕ ΠΕΙΡΑ
2. ΓΡΑΜΜΑΤΕΥΣ - ΔΑΚΤΥΛΟΓΡΑΦΟΣ
3. ΑΠΟΘΗΚΑΡΙΟΣ
Πληροφορίες: τηλ. 531-255, 9 π.μ. - 4 μ.μ.
Ἡ σπουδάζουσα νεολαία
Πτυχιακές τῆς ὀδοντιατρικῆς
Δερματολογία. Χειρουργική παίδων. Ἀκτινοπροστασία. Φυσιολογία. Ἀστρονομία. Φυτική. ΚΑΤΕΕΘ
Ἀπό τή γραμματεία τῆς ὀδοντιατρικῆς σχολῆς ἀνακοινώνεται τό πρόγραμμα τῶν πτυχιακῶν ἐξετάσεων γιά τούς ἐπί πτυχίῳ φοιτητές πού εἰσήχθησαν στή σχολή μέχρι καί τό ἀκαδημαϊκό ἔτος 1977—78. Οἱ ἐξετάσεις θά ἀρχίσουν τή Δευτέρα 19 Φεβρουαρίου.
ΑΣΤΡΟΝΟΜΙΑ
Ἀπό τό ἐργαστήριο ἀστρονομίας ἀνακοινώνεται ὅτι οἱ ἐξετάσεις θά γίνουν τήν Πέμπτη 1 Μαρτίου, ὥρα 10 π.μ. στό ἀμφιθέατρο τοῦ ἐργαστηρίου.
ΟΡΓΑΝΙΚΗ ΧΗΜΕΙΑ
Ἀπό τό ἐργαστήριο ὀργανικῆς χημείας ἀνακοινώνεται ὅτι οἱ γραπτές ἐξετάσεις θά γίνουν τήν Τρίτη 6 Μαρτίου, στίς 9 π.μ.
ΑΣΤΙΚΟ ΔΙΚΑΙΟ
Οἱ ἐξετάσεις στό ἀστικό δίκαιο γιά τούς φοιτητές τοῦ Β' ἔτους θά γίνουν τή Δευτέρα 12 Μαρτίου.
ΠΟΛΙΤΙΚΗ ΟΙΚΟΝΟΜΙΑ
Ἀπό τό σπουδαστήριο πολιτικῆς οἰκονομίας ἀνακοινώνεται ὅτι οἱ ἐξετάσεις θά γίνουν τό Σάββατο 10 Μαρτίου.
ΧΕΙΡΟΥΡΓΙΚΗ ΠΑΙΔΩΝ
Ἀπό τήν κλινική χειρουργικῆς παίδων ἀνακοινώνεται ὅτι οἱ ἐξετάσεις θά γίνουν τήν Τετάρτη 28 Φεβρουαρίου, 9 π.μ.
ΜΑΙΕΥΤΙΚΗ
Οἱ ἐξετάσεις στή μαιευτική καί γυναικολογία θά γίνουν τήν Πέμπτη 8 Μαρτίου στό ἀμφιθέατρο τῆς κλινικῆς.
ΦΥΤΙΚΗ ΠΑΡΑΓΩΓΗ
Ἀπό τό ἐργαστήριο φυτικῆς παραγωγῆς ἀνακοινώνεται ὅτι οἱ ἐξετάσεις θά γίνουν τό Σάββατο 3 Μαρτίου.
ΒΙΟΜΗΧΑΝΙΚΗ ΣΧΟΛΗ
Ἀνακοινώνεται ὅτι οἱ ἐξετάσεις θά γίνουν τήν Τρίτη 13 Μαρτίου ὥρα 5 μ.μ.
ΚΑΤΕΕΘ
Τά ὀνόματα τῶν ἐπιτυχόντων ἀνακοινώνονται στόν πίνακα ἀνακοινώσεων τοῦ ΚΑΤΕΕΘ.
ΑΚΤΙΝΟΠΡΟΣΤΑΣΙΑ
Ἀπό τό ἐργαστήριο ἀκτινοπροστασίας ἀνακοινώνεται ὅτι οἱ ἐξετάσεις θά γίνουν τή Δευτέρα 5 Μαρτίου.
ΦΥΣΙΟΛΟΓΙΑ
Ἀπό τό ἐργαστήριο πειραματικῆς φυσιολογίας ἀνακοινώνεται τό πρόγραμμα τῶν ἐξετάσεων.
Στήν Πτολεμαΐδα
ΕΠΙΔΕΙΧΘΗΚΑΝ ΣΥΣΤΗΜΑΤΑ ΑΣΦΑΛΕΙΑΣ ΧΡΥΣΟΧΟΕΙΩΝ
Μέ πρωτοβουλία τῆς διοικήσεως χωροφυλακῆς. Ὁ ΟΤΕ ἔχει συνδεθεῖ μέ τήν ἄμεση δράση τῆς περιοχῆς
ΠΤΟΛΕΜΑΪΔΑ, 14.— Μέ πρωτοβουλία τῆς διοικήσεως χωροφυλακῆς ἔγινε ἐπίδειξη συστημάτων ἀσφαλείας χρυσοχοείων καί καταστημάτων. Στήν ἐπίδειξη παρευρέθηκαν οἱ ἰδιοκτῆτες χρυσοχοείων καί τραπεζῶν τῆς περιοχῆς. Ὁ ΟΤΕ ἔχει συνδέσει τά συστήματα μέ τήν ἄμεση δράση, ὥστε σέ περίπτωση διαρρήξεως νά εἰδοποιεῖται ἀμέσως ἡ χωροφυλακή.
Η ΑΚΙΝΗΤΗ ΠΕΡΙΟΥΣΙΑ ΤΟΥ ΑΕΙΜΝΗΣΤΟΥ Κ. ΤΑΛΙΑΔΟΥΡΗ ΘΑ ΠΕΡΙΕΛΘΕΙ ΣΕ ΚΟΙΝΩΦΕΛΕΣ ΙΔΡΥΜΑ ΓΙΑ ΕΚΤΕΛΕΣΗ ΚΟΙΝΩΦΕΛΩΝ ΕΡΓΩΝ ΣΤΟ ΝΟΜΟ ΓΡΕΒΕΝΩΝ
ΓΡΕΒΕΝΑ, 14.— Σύμφωνα μέ τή διαθήκη τοῦ ἀειμνήστου Κωνσταντίνου Ταλιαδούρη, ἡ ἀκίνητη περιουσία του θά περιέλθει σέ κοινωφελές ἵδρυμα πού θά ἱδρυθεῖ γιά τήν ἐκτέλεση κοινωφελῶν ἔργων στό νομό Γρεβενῶν. Ὁ ἀείμνηστος Ταλιαδούρης, γενικός διευθυντής παλαιότερα ἑταιρείας τῆς Ἀμερικῆς, ἔζησε τά τελευταῖα χρόνια στή Θεσσαλονίκη. Τό ἵδρυμα θά διοικεῖται ἀπό πενταμελές συμβούλιο μέ πρόεδρο τό Μητροπολίτη Γρεβενῶν. Μέ τά ἔσοδα θά χορηγοῦνται ὑποτροφίες σέ ἄπορους μαθητές καί θά ἐκτελοῦνται ἔργα στά χωριά τοῦ νομοῦ. Ἡ ἀξία τῆς περιουσίας ὑπολογίζεται σέ 20 ἑκατομμύρια δραχμές.
